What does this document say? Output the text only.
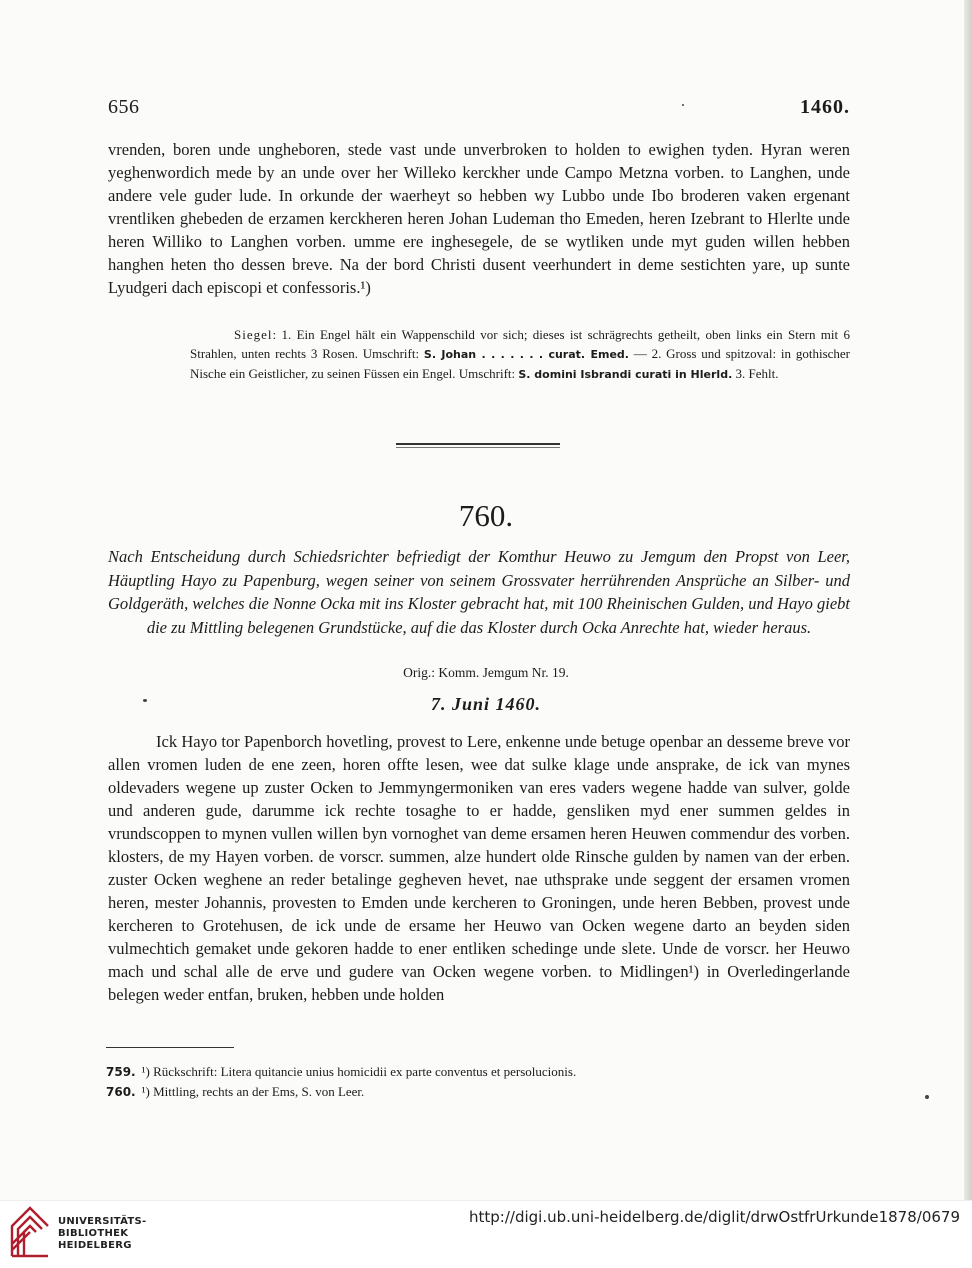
656	1460.

vrenden, boren unde ungheboren, stede vast unde unverbroken to holden to ewighen tyden. Hyran weren yeghenwordich mede by an unde over her Willeko kerckher unde Campo Metzna vorben. to Langhen, unde andere vele guder lude. In orkunde der waerheyt so hebben wy Lubbo unde Ibo broderen vaken ergenant vrentliken ghebeden de erzamen kerckheren heren Johan Ludeman tho Emeden, heren Izebrant to Hlerlte unde heren Williko to Langhen vorben. umme ere inghesegele, de se wytliken unde myt guden willen hebben hanghen heten tho dessen breve. Na der bord Christi dusent veerhundert in deme sestichten yare, up sunte Lyudgeri dach episcopi et confessoris.¹)

Siegel: 1. Ein Engel hält ein Wappenschild vor sich; dieses ist schrägrechts getheilt, oben links ein Stern mit 6 Strahlen, unten rechts 3 Rosen. Umschrift: S. Johan . . . . . . . curat. Emed. — 2. Gross und spitzoval: in gothischer Nische ein Geistlicher, zu seinen Füssen ein Engel. Umschrift: S. domini Isbrandi curati in Hlerld. 3. Fehlt.

760.

Nach Entscheidung durch Schiedsrichter befriedigt der Komthur Heuwo zu Jemgum den Propst von Leer, Häuptling Hayo zu Papenburg, wegen seiner von seinem Grossvater herrührenden Ansprüche an Silber- und Goldgeräth, welches die Nonne Ocka mit ins Kloster gebracht hat, mit 100 Rheinischen Gulden, und Hayo giebt die zu Mittling belegenen Grundstücke, auf die das Kloster durch Ocka Anrechte hat, wieder heraus.

Orig.: Komm. Jemgum Nr. 19.
7. Juni 1460.

Ick Hayo tor Papenborch hovetling, provest to Lere, enkenne unde betuge openbar an desseme breve vor allen vromen luden de ene zeen, horen offte lesen, wee dat sulke klage unde ansprake, de ick van mynes oldevaders wegene up zuster Ocken to Jemmyngermoniken van eres vaders wegene hadde van sulver, golde und anderen gude, darumme ick rechte tosaghe to er hadde, gensliken myd ener summen geldes in vrundscoppen to mynen vullen willen byn vornoghet van deme ersamen heren Heuwen commendur des vorben. klosters, de my Hayen vorben. de vorscr. summen, alze hundert olde Rinsche gulden by namen van der erben. zuster Ocken weghene an reder betalinge gegheven hevet, nae uthsprake unde seggent der ersamen vromen heren, mester Johannis, provesten to Emden unde kercheren to Groningen, unde heren Bebben, provest unde kercheren to Grotehusen, de ick unde de ersame her Heuwo van Ocken wegene darto an beyden siden vulmechtich gemaket unde gekoren hadde to ener entliken schedinge unde slete. Unde de vorscr. her Heuwo mach und schal alle de erve und gudere van Ocken wegene vorben. to Midlingen¹) in Overledingerlande belegen weder entfan, bruken, hebben unde holden

759. ¹) Rückschrift: Litera quitancie unius homicidii ex parte conventus et persolucionis.
760. ¹) Mittling, rechts an der Ems, S. von Leer.
UNIVERSITÄTS-
BIBLIOTHEK
HEIDELBERG
http://digi.ub.uni-heidelberg.de/diglit/drwOstfrUrkunde1878/0679
